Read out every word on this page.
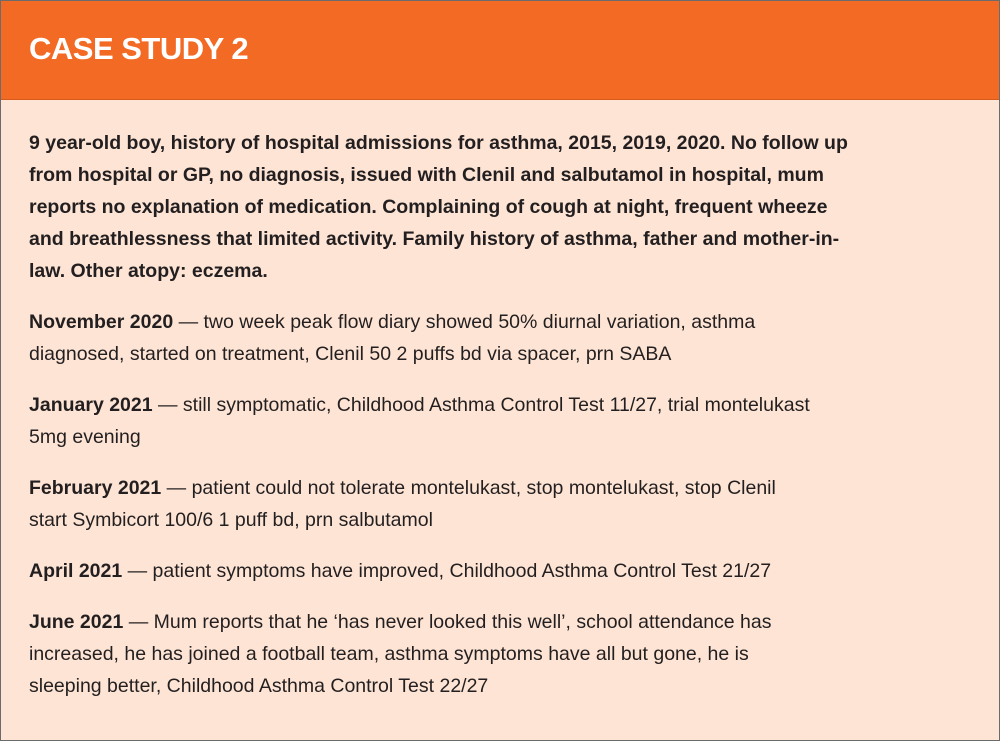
CASE STUDY 2
9 year-old boy, history of hospital admissions for asthma, 2015, 2019, 2020. No follow up
from hospital or GP, no diagnosis, issued with Clenil and salbutamol in hospital, mum
reports no explanation of medication. Complaining of cough at night, frequent wheeze
and breathlessness that limited activity. Family history of asthma, father and mother-in-
law. Other atopy: eczema.
November 2020 — two week peak flow diary showed 50% diurnal variation, asthma
diagnosed, started on treatment, Clenil 50 2 puffs bd via spacer, prn SABA
January 2021 — still symptomatic, Childhood Asthma Control Test 11/27, trial montelukast
5mg evening
February 2021 — patient could not tolerate montelukast, stop montelukast, stop Clenil
start Symbicort 100/6 1 puff bd, prn salbutamol
April 2021 — patient symptoms have improved, Childhood Asthma Control Test 21/27
June 2021 — Mum reports that he ‘has never looked this well’, school attendance has
increased, he has joined a football team, asthma symptoms have all but gone, he is
sleeping better, Childhood Asthma Control Test 22/27
